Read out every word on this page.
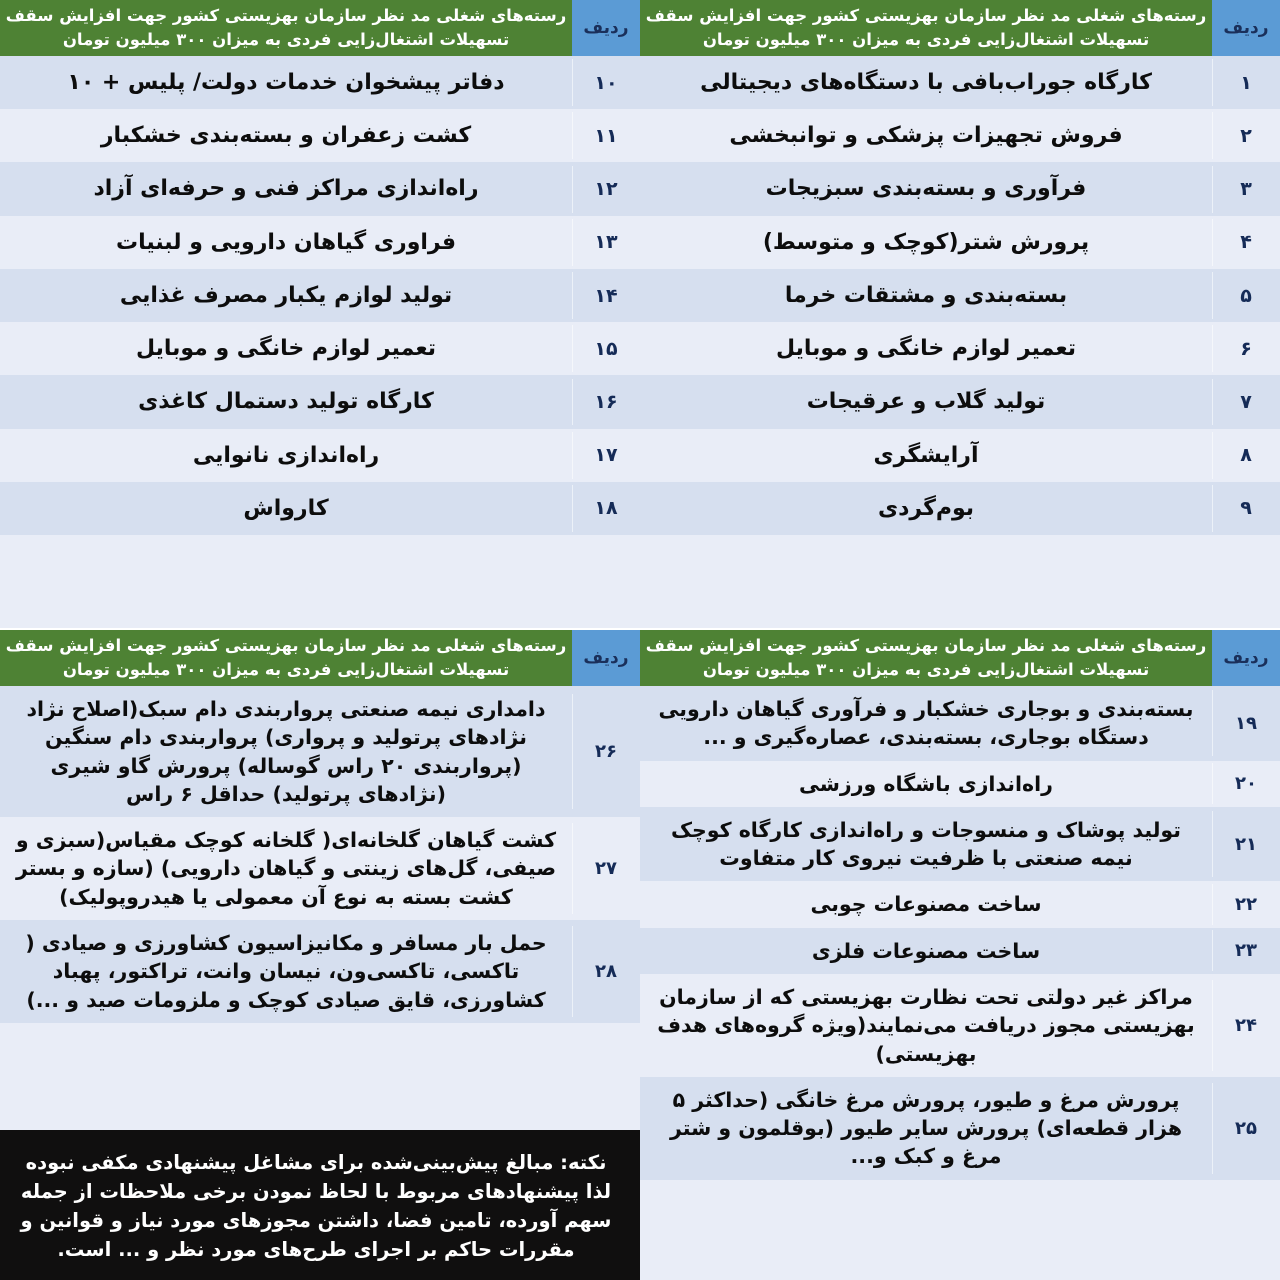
ردیف	رسته‌های شغلی مد نظر سازمان بهزیستی کشور جهت افزایش سقف تسهیلات اشتغال‌زایی فردی به میزان ۳۰۰ میلیون تومان
۱	کارگاه جوراب‌بافی با دستگاه‌های دیجیتالی
۲	فروش تجهیزات پزشکی و توانبخشی
۳	فرآوری و بسته‌بندی سبزیجات
۴	پرورش شتر(کوچک و متوسط)
۵	بسته‌بندی و مشتقات خرما
۶	تعمیر لوازم خانگی و موبایل
۷	تولید گلاب و عرقیجات
۸	آرایشگری
۹	بوم‌گردی
ردیف	رسته‌های شغلی مد نظر سازمان بهزیستی کشور جهت افزایش سقف تسهیلات اشتغال‌زایی فردی به میزان ۳۰۰ میلیون تومان
۱۰	دفاتر پیشخوان خدمات دولت/ پلیس + ۱۰
۱۱	کشت زعفران و بسته‌بندی خشکبار
۱۲	راه‌اندازی مراکز فنی و حرفه‌ای آزاد
۱۳	فراوری گیاهان دارویی و لبنیات
۱۴	تولید لوازم یکبار مصرف غذایی
۱۵	تعمیر لوازم خانگی و موبایل
۱۶	کارگاه تولید دستمال کاغذی
۱۷	راه‌اندازی نانوایی
۱۸	کارواش
ردیف	رسته‌های شغلی مد نظر سازمان بهزیستی کشور جهت افزایش سقف تسهیلات اشتغال‌زایی فردی به میزان ۳۰۰ میلیون تومان
۱۹	بسته‌بندی و بوجاری خشکبار و فرآوری گیاهان دارویی دستگاه بوجاری، بسته‌بندی، عصاره‌گیری و ...
۲۰	راه‌اندازی باشگاه ورزشی
۲۱	تولید پوشاک و منسوجات و راه‌اندازی کارگاه کوچک نیمه صنعتی با ظرفیت نیروی کار متفاوت
۲۲	ساخت مصنوعات چوبی
۲۳	ساخت مصنوعات فلزی
۲۴	مراکز غیر دولتی تحت نظارت بهزیستی که از سازمان بهزیستی مجوز دریافت می‌نمایند(ویژه گروه‌های هدف بهزیستی)
۲۵	پرورش مرغ و طیور، پرورش مرغ خانگی (حداکثر ۵ هزار قطعه‌ای) پرورش سایر طیور (بوقلمون و شتر مرغ و کبک و...
ردیف	رسته‌های شغلی مد نظر سازمان بهزیستی کشور جهت افزایش سقف تسهیلات اشتغال‌زایی فردی به میزان ۳۰۰ میلیون تومان
۲۶	دامداری نیمه صنعتی پرواربندی دام سبک(اصلاح نژاد نژادهای پرتولید و پرواری) پرواربندی دام سنگین (پرواربندی ۲۰ راس گوساله) پرورش گاو شیری (نژادهای پرتولید) حداقل ۶ راس
۲۷	کشت گیاهان گلخانه‌ای( گلخانه کوچک مقیاس(سبزی و صیفی، گل‌های زینتی و گیاهان دارویی) (سازه و بستر کشت بسته به نوع آن معمولی یا هیدروپولیک)
۲۸	حمل بار مسافر و مکانیزاسیون کشاورزی و صیادی ( تاکسی، تاکسی‌ون، نیسان وانت، تراکتور، پهباد کشاورزی، قایق صیادی کوچک و ملزومات صید و ...)
نکته: مبالغ پیش‌بینی‌شده برای مشاغل پیشنهادی مکفی نبوده لذا پیشنهادهای مربوط با لحاظ نمودن برخی ملاحظات از جمله سهم آورده، تامین فضا، داشتن مجوزهای مورد نیاز و قوانین و مقررات حاکم بر اجرای طرح‌های مورد نظر و ... است.
